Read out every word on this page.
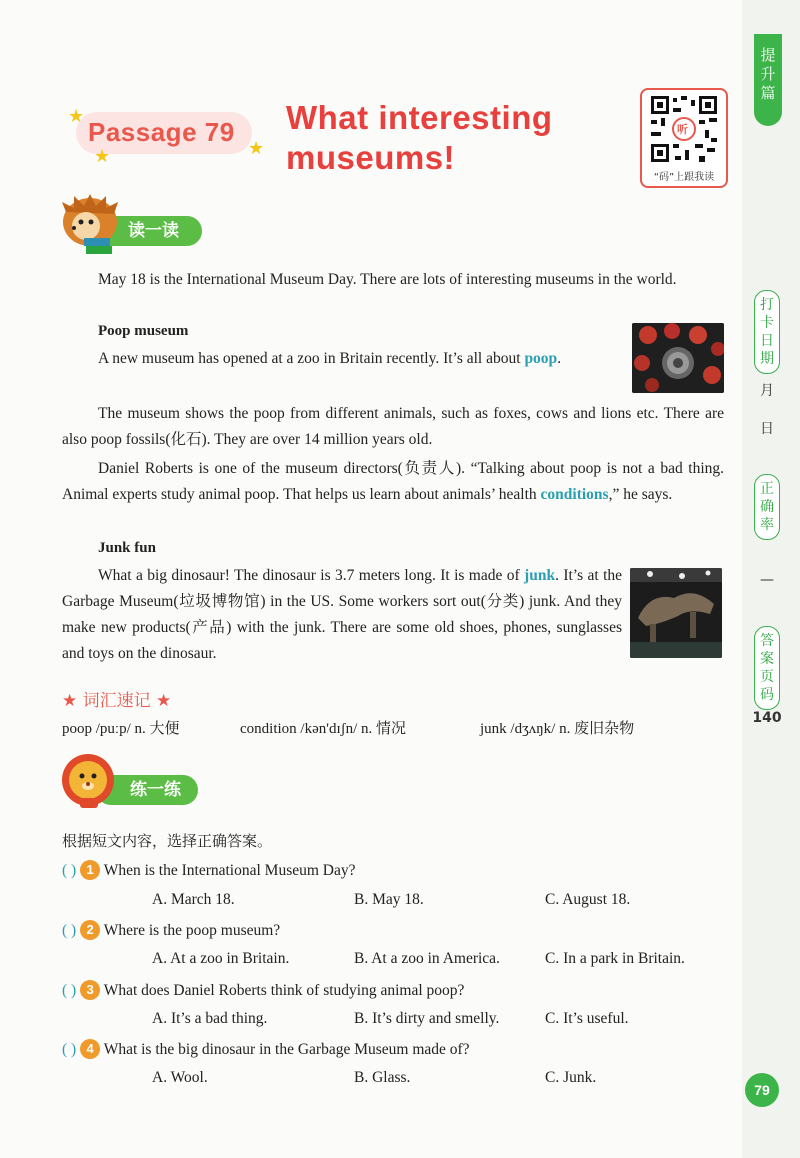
提升篇
打卡日期
月
日
正确率
—
答案页码
140
★
★	★
Passage 79 What interesting
museums!
听
“码”上跟我读
读一读
May 18 is the International Museum Day. There are lots of interesting museums in the world.
Poop museum
A new museum has opened at a zoo in Britain recently. It’s all about poop.
The museum shows the poop from different animals, such as foxes, cows and lions etc. There are also poop fossils(化石). They are over 14 million years old.
Daniel Roberts is one of the museum directors(负责人). “Talking about poop is not a bad thing. Animal experts study animal poop. That helps us learn about animals’ health conditions,” he says.
Junk fun
What a big dinosaur! The dinosaur is 3.7 meters long. It is made of junk. It’s at the Garbage Museum(垃圾博物馆) in the US. Some workers sort out(分类) junk. And they make new products(产品) with the junk. There are some old shoes, phones, sunglasses and toys on the dinosaur.
★ 词汇速记 ★
poop /puːp/ n. 大便	condition /kən'dɪʃn/ n. 情况	junk /dʒʌŋk/ n. 废旧杂物
练一练
根据短文内容，选择正确答案。
( ) 1 When is the International Museum Day?
A. March 18.	B. May 18.	C. August 18.
( ) 2 Where is the poop museum?
A. At a zoo in Britain.	B. At a zoo in America.	C. In a park in Britain.
( ) 3 What does Daniel Roberts think of studying animal poop?
A. It’s a bad thing.	B. It’s dirty and smelly.	C. It’s useful.
( ) 4 What is the big dinosaur in the Garbage Museum made of?
A. Wool.	B. Glass.	C. Junk.
79
